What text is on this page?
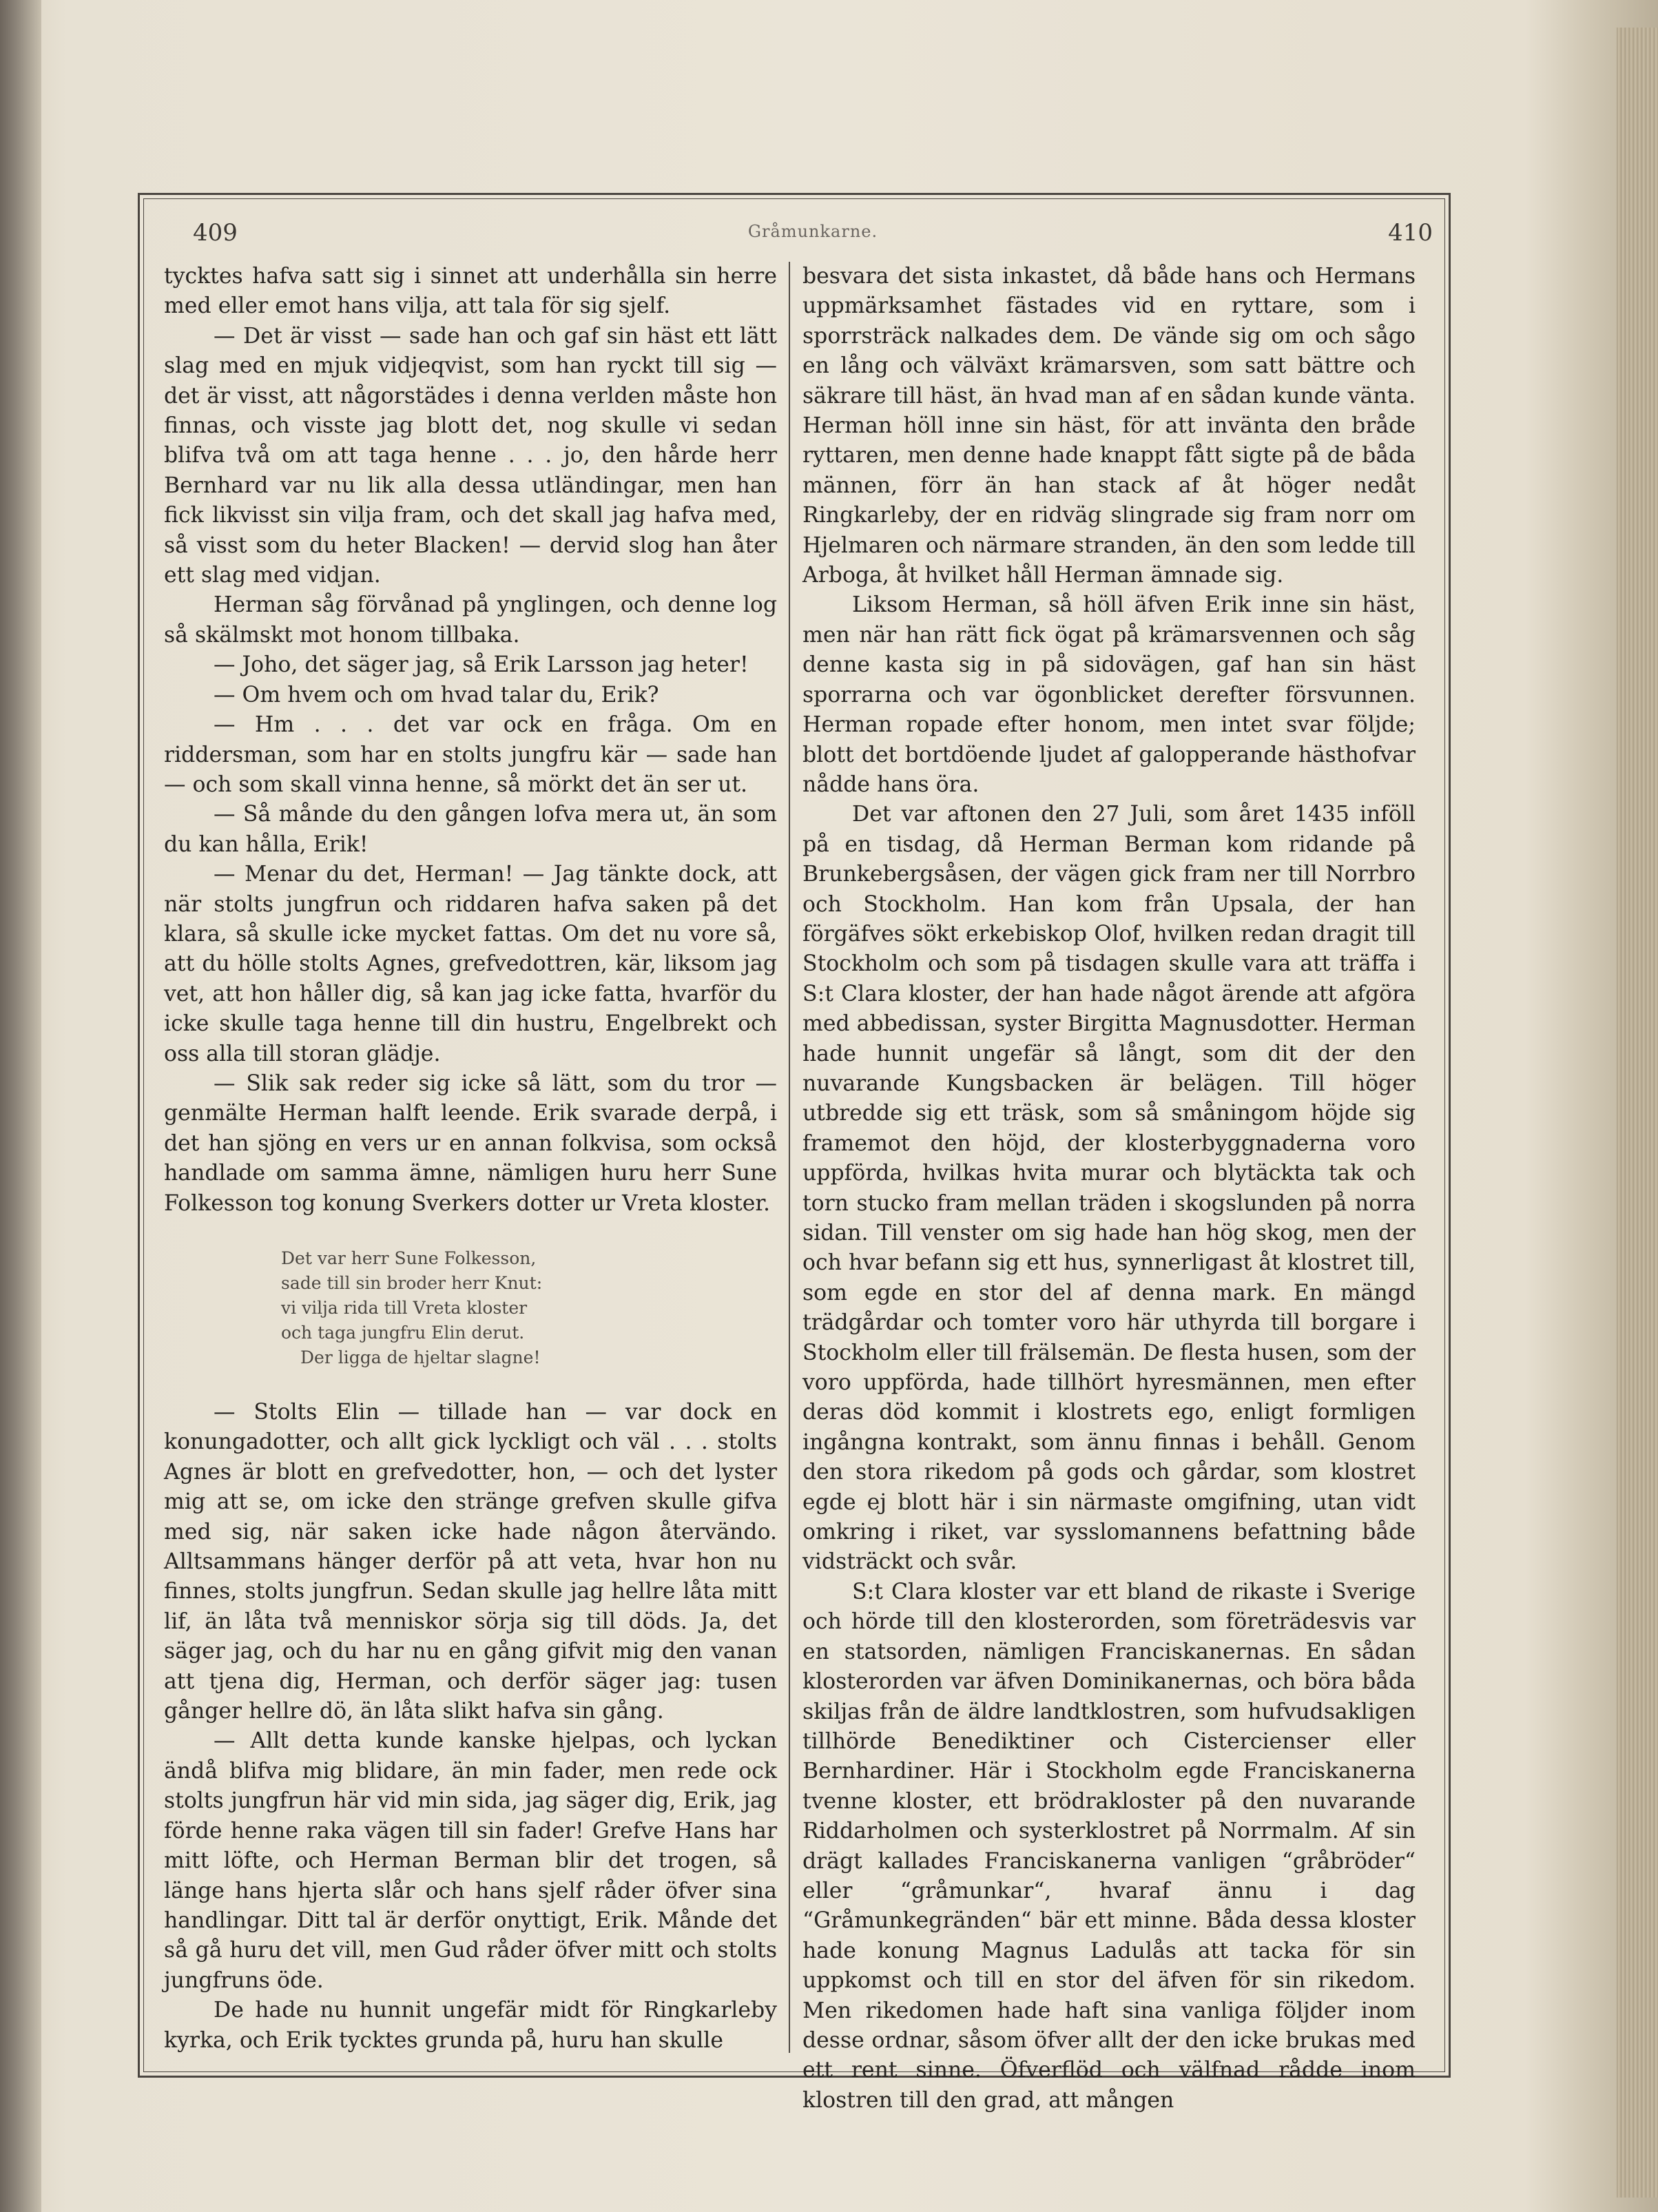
409	Gråmunkarne.	410

tycktes hafva satt sig i sinnet att underhålla sin herre med eller emot hans vilja, att tala för sig sjelf.

— Det är visst — sade han och gaf sin häst ett lätt slag med en mjuk vidjeqvist, som han ryckt till sig — det är visst, att någorstädes i denna verlden måste hon finnas, och visste jag blott det, nog skulle vi sedan blifva två om att taga henne . . . jo, den hårde herr Bernhard var nu lik alla dessa utländingar, men han fick likvisst sin vilja fram, och det skall jag hafva med, så visst som du heter Blacken! — dervid slog han åter ett slag med vidjan.

Herman såg förvånad på ynglingen, och denne log så skälmskt mot honom tillbaka.

— Joho, det säger jag, så Erik Larsson jag heter!

— Om hvem och om hvad talar du, Erik?

— Hm . . . det var ock en fråga. Om en riddersman, som har en stolts jungfru kär — sade han — och som skall vinna henne, så mörkt det än ser ut.

— Så månde du den gången lofva mera ut, än som du kan hålla, Erik!

— Menar du det, Herman! — Jag tänkte dock, att när stolts jungfrun och riddaren hafva saken på det klara, så skulle icke mycket fattas. Om det nu vore så, att du hölle stolts Agnes, grefvedottren, kär, liksom jag vet, att hon håller dig, så kan jag icke fatta, hvarför du icke skulle taga henne till din hustru, Engelbrekt och oss alla till storan glädje.

— Slik sak reder sig icke så lätt, som du tror — genmälte Herman halft leende. Erik svarade derpå, i det han sjöng en vers ur en annan folkvisa, som också handlade om samma ämne, nämligen huru herr Sune Folkesson tog konung Sverkers dotter ur Vreta kloster.

Det var herr Sune Folkesson,
sade till sin broder herr Knut:
vi vilja rida till Vreta kloster
och taga jungfru Elin derut.
Der ligga de hjeltar slagne!

— Stolts Elin — tillade han — var dock en konungadotter, och allt gick lyckligt och väl . . . stolts Agnes är blott en grefvedotter, hon, — och det lyster mig att se, om icke den stränge grefven skulle gifva med sig, när saken icke hade någon återvändo. Alltsammans hänger derför på att veta, hvar hon nu finnes, stolts jungfrun. Sedan skulle jag hellre låta mitt lif, än låta två menniskor sörja sig till döds. Ja, det säger jag, och du har nu en gång gifvit mig den vanan att tjena dig, Herman, och derför säger jag: tusen gånger hellre dö, än låta slikt hafva sin gång.

— Allt detta kunde kanske hjelpas, och lyckan ändå blifva mig blidare, än min fader, men rede ock stolts jungfrun här vid min sida, jag säger dig, Erik, jag förde henne raka vägen till sin fader! Grefve Hans har mitt löfte, och Herman Berman blir det trogen, så länge hans hjerta slår och hans sjelf råder öfver sina handlingar. Ditt tal är derför onyttigt, Erik. Månde det så gå huru det vill, men Gud råder öfver mitt och stolts jungfruns öde.

De hade nu hunnit ungefär midt för Ringkarleby kyrka, och Erik tycktes grunda på, huru han skulle

besvara det sista inkastet, då både hans och Hermans uppmärksamhet fästades vid en ryttare, som i sporrsträck nalkades dem. De vände sig om och sågo en lång och välväxt krämarsven, som satt bättre och säkrare till häst, än hvad man af en sådan kunde vänta. Herman höll inne sin häst, för att invänta den bråde ryttaren, men denne hade knappt fått sigte på de båda männen, förr än han stack af åt höger nedåt Ringkarleby, der en ridväg slingrade sig fram norr om Hjelmaren och närmare stranden, än den som ledde till Arboga, åt hvilket håll Herman ämnade sig.

Liksom Herman, så höll äfven Erik inne sin häst, men när han rätt fick ögat på krämarsvennen och såg denne kasta sig in på sidovägen, gaf han sin häst sporrarna och var ögonblicket derefter försvunnen. Herman ropade efter honom, men intet svar följde; blott det bortdöende ljudet af galopperande hästhofvar nådde hans öra.

Det var aftonen den 27 Juli, som året 1435 inföll på en tisdag, då Herman Berman kom ridande på Brunkebergsåsen, der vägen gick fram ner till Norrbro och Stockholm. Han kom från Upsala, der han förgäfves sökt erkebiskop Olof, hvilken redan dragit till Stockholm och som på tisdagen skulle vara att träffa i S:t Clara kloster, der han hade något ärende att afgöra med abbedissan, syster Birgitta Magnusdotter. Herman hade hunnit ungefär så långt, som dit der den nuvarande Kungsbacken är belägen. Till höger utbredde sig ett träsk, som så småningom höjde sig framemot den höjd, der klosterbyggnaderna voro uppförda, hvilkas hvita murar och blytäckta tak och torn stucko fram mellan träden i skogslunden på norra sidan. Till venster om sig hade han hög skog, men der och hvar befann sig ett hus, synnerligast åt klostret till, som egde en stor del af denna mark. En mängd trädgårdar och tomter voro här uthyrda till borgare i Stockholm eller till frälsemän. De flesta husen, som der voro uppförda, hade tillhört hyresmännen, men efter deras död kommit i klostrets ego, enligt formligen ingångna kontrakt, som ännu finnas i behåll. Genom den stora rikedom på gods och gårdar, som klostret egde ej blott här i sin närmaste omgifning, utan vidt omkring i riket, var sysslomannens befattning både vidsträckt och svår.

S:t Clara kloster var ett bland de rikaste i Sverige och hörde till den klosterorden, som företrädesvis var en statsorden, nämligen Franciskanernas. En sådan klosterorden var äfven Dominikanernas, och böra båda skiljas från de äldre landtklostren, som hufvudsakligen tillhörde Benediktiner och Cistercienser eller Bernhardiner. Här i Stockholm egde Franciskanerna tvenne kloster, ett brödrakloster på den nuvarande Riddarholmen och systerklostret på Norrmalm. Af sin drägt kallades Franciskanerna vanligen “gråbröder“ eller “gråmunkar“, hvaraf ännu i dag “Gråmunkegränden“ bär ett minne. Båda dessa kloster hade konung Magnus Ladulås att tacka för sin uppkomst och till en stor del äfven för sin rikedom. Men rikedomen hade haft sina vanliga följder inom desse ordnar, såsom öfver allt der den icke brukas med ett rent sinne. Öfverflöd och välfnad rådde inom klostren till den grad, att mången
